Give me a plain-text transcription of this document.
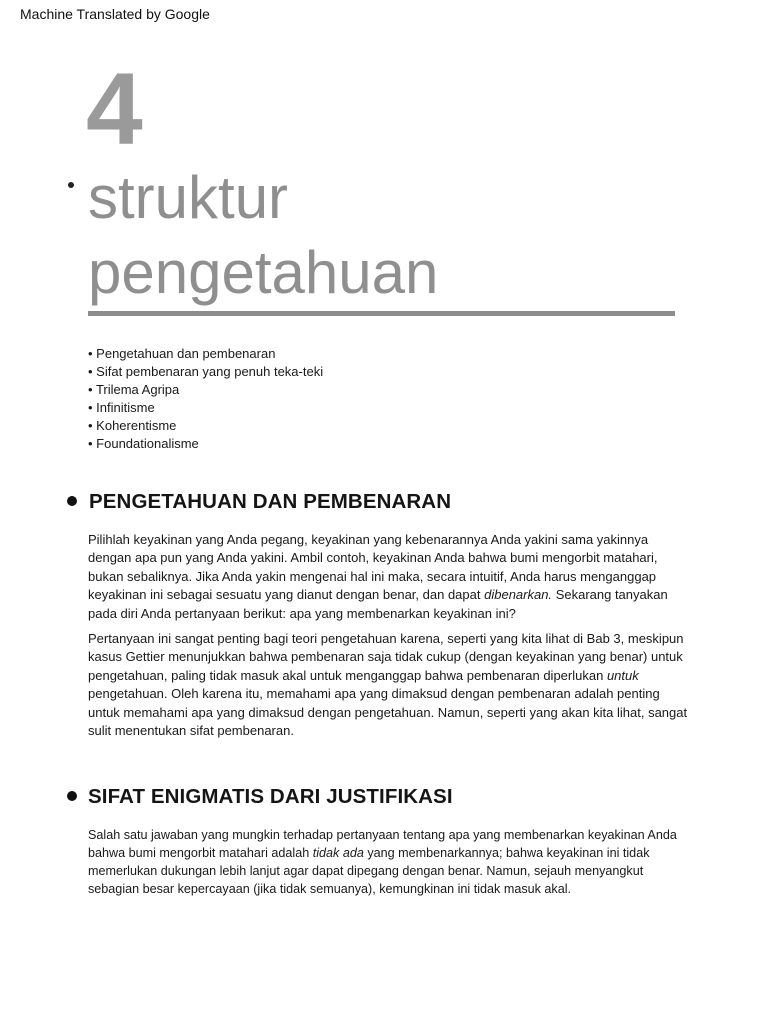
Machine Translated by Google
4
struktur
pengetahuan
• Pengetahuan dan pembenaran
• Sifat pembenaran yang penuh teka-teki
• Trilema Agripa
• Infinitisme
• Koherentisme
• Foundationalisme
PENGETAHUAN DAN PEMBENARAN

Pilihlah keyakinan yang Anda pegang, keyakinan yang kebenarannya Anda yakini sama yakinnya dengan apa pun yang Anda yakini. Ambil contoh, keyakinan Anda bahwa bumi mengorbit matahari, bukan sebaliknya. Jika Anda yakin mengenai hal ini maka, secara intuitif, Anda harus menganggap keyakinan ini sebagai sesuatu yang dianut dengan benar, dan dapat dibenarkan. Sekarang tanyakan pada diri Anda pertanyaan berikut: apa yang membenarkan keyakinan ini?

Pertanyaan ini sangat penting bagi teori pengetahuan karena, seperti yang kita lihat di Bab 3, meskipun kasus Gettier menunjukkan bahwa pembenaran saja tidak cukup (dengan keyakinan yang benar) untuk pengetahuan, paling tidak masuk akal untuk menganggap bahwa pembenaran diperlukan untuk pengetahuan. Oleh karena itu, memahami apa yang dimaksud dengan pembenaran adalah penting untuk memahami apa yang dimaksud dengan pengetahuan. Namun, seperti yang akan kita lihat, sangat sulit menentukan sifat pembenaran.

SIFAT ENIGMATIS DARI JUSTIFIKASI

Salah satu jawaban yang mungkin terhadap pertanyaan tentang apa yang membenarkan keyakinan Anda bahwa bumi mengorbit matahari adalah tidak ada yang membenarkannya; bahwa keyakinan ini tidak memerlukan dukungan lebih lanjut agar dapat dipegang dengan benar. Namun, sejauh menyangkut sebagian besar kepercayaan (jika tidak semuanya), kemungkinan ini tidak masuk akal.
